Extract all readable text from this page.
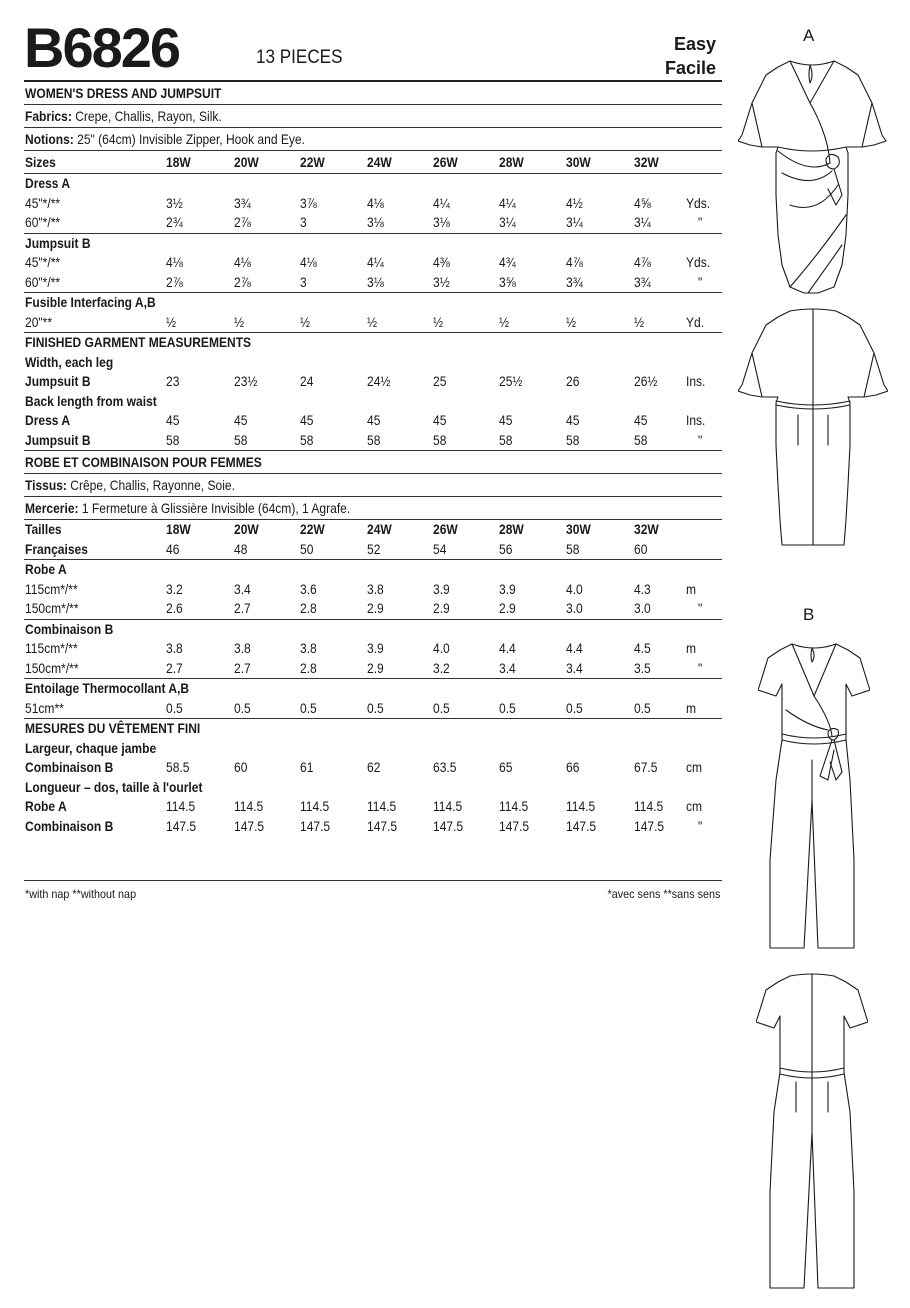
B6826	13 PIECES
Easy
Facile
WOMEN'S DRESS AND JUMPSUIT
Fabrics: Crepe, Challis, Rayon, Silk.
Notions: 25" (64cm) Invisible Zipper, Hook and Eye.
Sizes	18W	20W	22W	24W	26W	28W	30W	32W
Dress A
45"*/**	3½	3¾	3⅞	4⅛	4¼	4¼	4½	4⅝	Yds.
60"*/**	2¾	2⅞	3	3⅛	3⅛	3¼	3¼	3¼	"
Jumpsuit B
45"*/**	4⅛	4⅛	4⅛	4¼	4⅜	4¾	4⅞	4⅞	Yds.
60"*/**	2⅞	2⅞	3	3⅛	3½	3⅝	3¾	3¾	"
Fusible Interfacing A,B
20"**	½	½	½	½	½	½	½	½	Yd.
FINISHED GARMENT MEASUREMENTS
Width, each leg
Jumpsuit B	23	23½	24	24½	25	25½	26	26½ Ins.
Back length from waist
Dress A	45	45	45	45	45	45	45	45	Ins.
Jumpsuit B	58	58	58	58	58	58	58	58	"
ROBE ET COMBINAISON POUR FEMMES
Tissus: Crêpe, Challis, Rayonne, Soie.
Mercerie: 1 Fermeture à Glissière Invisible (64cm), 1 Agrafe.
Tailles	18W	20W	22W	24W	26W	28W	30W	32W
Françaises	46	48	50	52	54	56	58	60
Robe A
115cm*/**	3.2	3.4	3.6	3.8	3.9	3.9	4.0	4.3	m
150cm*/**	2.6	2.7	2.8	2.9	2.9	2.9	3.0	3.0	"
Combinaison B
115cm*/**	3.8	3.8	3.8	3.9	4.0	4.4	4.4	4.5	m
150cm*/**	2.7	2.7	2.8	2.9	3.2	3.4	3.4	3.5	"
Entoilage Thermocollant A,B
51cm**	0.5	0.5	0.5	0.5	0.5	0.5	0.5	0.5	m
MESURES DU VÊTEMENT FINI
Largeur, chaque jambe
Combinaison B	58.5	60	61	62	63.5	65	66	67.5 cm
Longueur – dos, taille à l'ourlet
Robe A	114.5	114.5	114.5	114.5	114.5	114.5	114.5	114.5 cm
Combinaison B	147.5	147.5	147.5	147.5	147.5	147.5	147.5	147.5 "
*with nap **without nap	*avec sens **sans sens
A
B
